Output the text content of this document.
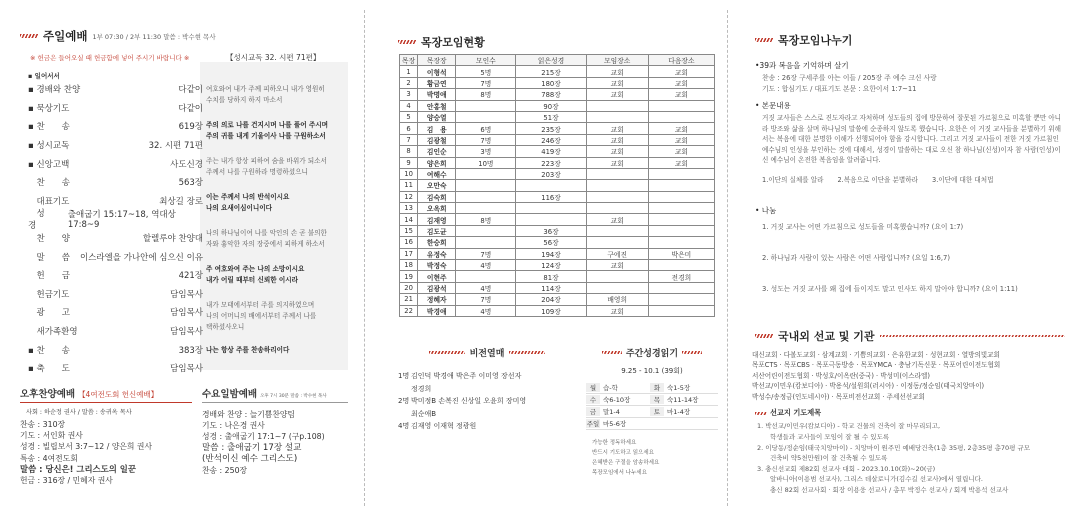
주일예배 1부 07:30 / 2부 11:30 말씀 : 박수현 목사
※ 헌금은 들어오실 때 헌금함에 넣어 주시기 바랍니다 ※	【성시교독 32. 시편 71편】
▪ 일어서서
▪ 경배와 찬양	다같이
▪ 묵상기도	다같이
▪ 찬　　송	619장
▪ 성시교독	32. 시편 71편
▪ 신앙고백	사도신경
　찬　　송	563장
　대표기도	최상길 장로
　성　　경
출애굽기 15:17~18, 역대상 17:8~9
　찬　　양	할렐루야 찬양대
　말　　씀 이스라엘을 가나안에 심으신 이유
　헌　　금	421장
　헌금기도	담임목사
　광　　고	담임목사
　새가족환영	담임목사
▪ 찬　　송	383장
▪ 축　　도	담임목사
여호와여 내가 주께 피하오니 내가 영원히
수치를 당하지 하지 마소서
주의 의로 나를 건지시며 나를 풀어 주시며
주의 귀를 내게 기울이사 나를 구원하소서
주는 내가 항상 피하여 숨을 바위가 되소서
주께서 나를 구원하라 명령하셨으니
이는 주께서 나의 반석이시요
나의 요새이심이니이다
나의 하나님이여 나를 악인의 손 곧 불의한
자와 흉악한 자의 장중에서 피하게 하소서
주 여호와여 주는 나의 소망이시요
내가 어릴 때부터 신뢰한 이시라
내가 모태에서부터 주를 의지하였으며
나의 어머니의 배에서부터 주께서 나를
택하셨사오니
나는 항상 주를 찬송하리이다
오후찬양예배 【4여전도회 헌신예배】
사회 : 하순정 권사 / 말씀 : 송귀옥 목사
찬송 : 310장
기도 : 서인화 권사
성경 : 빌립보서 3:7~12 / 양은희 권사
특송 : 4여전도회
말씀 : 당신은! 그리스도의 일꾼
헌금 : 316장 / 민혜자 권사
수요일밤예배 오후 7시 30분 말씀 : 박수현 목사
경배와 찬양 : 늘기쁨찬양팀
기도 : 나은경 권사
성경 : 출애굽기 17:1~7 (구p.108)
말씀 : 출애굽기 17장 설교
(반석이신 예수 그리스도)
찬송 : 250장
목장모임현황
목장	목장장	모인수	읽은성경	모임장소	다음장소
1	이형석	5명	215장	교회	교회
2	황금연	7명	180장	교회	교회
3	박명애	8명	788장	교회	교회
4	안홍철		90장		
5	양승열		51장		
6	김　용	6명	235장	교회	교회
7	김광철	7명	246장	교회	교회
8	김인순	3명	419장	교회	교회
9	양은희	10명	223장	교회	교회
10	여해수		203장		
11	오만숙				
12	김숙희		116장		
13	오옥희				
14	김재영	8명		교회	
15	김도균		36장		
16	한승희		56장		
17	유정숙	7명	194장	구에진	박은미
18	박정숙	4명	124장	교회	
19	이현주		81장		전경희
20	김광석	4명	114장		
21	정혜자	7명	204장	배영희	
22	박경애	4명	109장	교회	
비전열매
1명 김인덕 박경애 박은주 이미영 장선자
정경희
2명 박미정B 손복진 신상일 오윤희 장미영
최순애B
4명 김재영 이재혁 정광원
주간성경읽기
9.25 - 10.1 (39회)
월	습-학	화	숙1-5장
수	숙6-10장	목	숙11-14장
금	말1-4	토	마1-4장
주일 마5-6장
가능한 정독하세요
반드시 기도하고 읽으세요
은혜받은 구절을 암송하세요
목장모임에서 나누세요
목장모임나누기
•39과 복음을 기억하며 살기
찬송 : 26장 구세주를 아는 이들 / 205장 주 예수 크신 사랑
기도 : 합심기도 / 대표기도 본문 : 요한이서 1:7~11
• 본문내용
거짓 교사들은 스스로 진도자라고 자처하며 성도들의 집에 방문하여 잘못된 가르침으로 미혹할 뿐만 아니라 방조와 삶을 살며 하나님의 말씀에 순종하지 않도록 했습니다. 요한은 이 거짓 교사들을 분별하기 위해서는 복음에 대한 분명한 이해가 선행되어야 함을 강시합니다. 그리고 거짓 교사들이 전한 거짓 가르침인 예수님의 인성을 부인하는 것에 대해서, 성경이 말씀하는 대로 오신 참 하나님(신성)이자 참 사람(인성)이신 예수님이 온전한 복음임을 알려줍니다.
1.이단의 실체를 알라 2.복음으로 이단을 분별하라 3.이단에 대한 대처법
• 나눔
1. 거짓 교사는 어떤 가르침으로 성도들을 미혹했습니까? (요이 1:7)
2. 하나님과 사람이 있는 사람은 어떤 사람입니까? (요일 1:6,7)
3. 성도는 거짓 교사를 왜 집에 들이지도 말고 인사도 하지 말아야 합니까? (요이 1:11)
국내외 선교 및 기관
대신교회 · 다볼도교회 · 삼계교회 · 기쁨의교회 · 은유한교회 · 성현교회 · 열방의빛교회
목포CTS · 목포CBS · 목포극동방송 · 목포YMCA · 충남기독신문 · 목포어린이전도협회
서산어린이전도협회 · 박성호/이옥란(중국) · 박성미(이스라엘)
박선교/이민우(캄보디아) · 박용석/설원희(러시아) · 이정동/정순임(태국치앙마이)
박성수/송정금(인도네시아) · 목포비전선교회 · 주세선선교회
선교지 기도제목
1. 박선교/이민우(캄보디아) - 학교 건물의 건축이 잘 마무리되고,
　　학생들과 교사들이 모임이 잘 될 수 있도록
2. 이당동/정순임(태국치앙마이) - 치앙마이 원주민 예배당건축(1층 35평, 2층35평 총70평 규모
　　건축비 약5천만원)이 잘 건축될 수 있도록
3. 충신선교회 제82회 선교사 대회 - 2023.10.10(화)~20(금)
　　알바니아(이용범 선교사), 그리스 데살로니가(김수길 선교사)에서 열립니다.
　　충신 82회 선교사회 · 회장 이용웅 선교사 / 총무 박정수 선교사 / 회계 박용석 선교사
